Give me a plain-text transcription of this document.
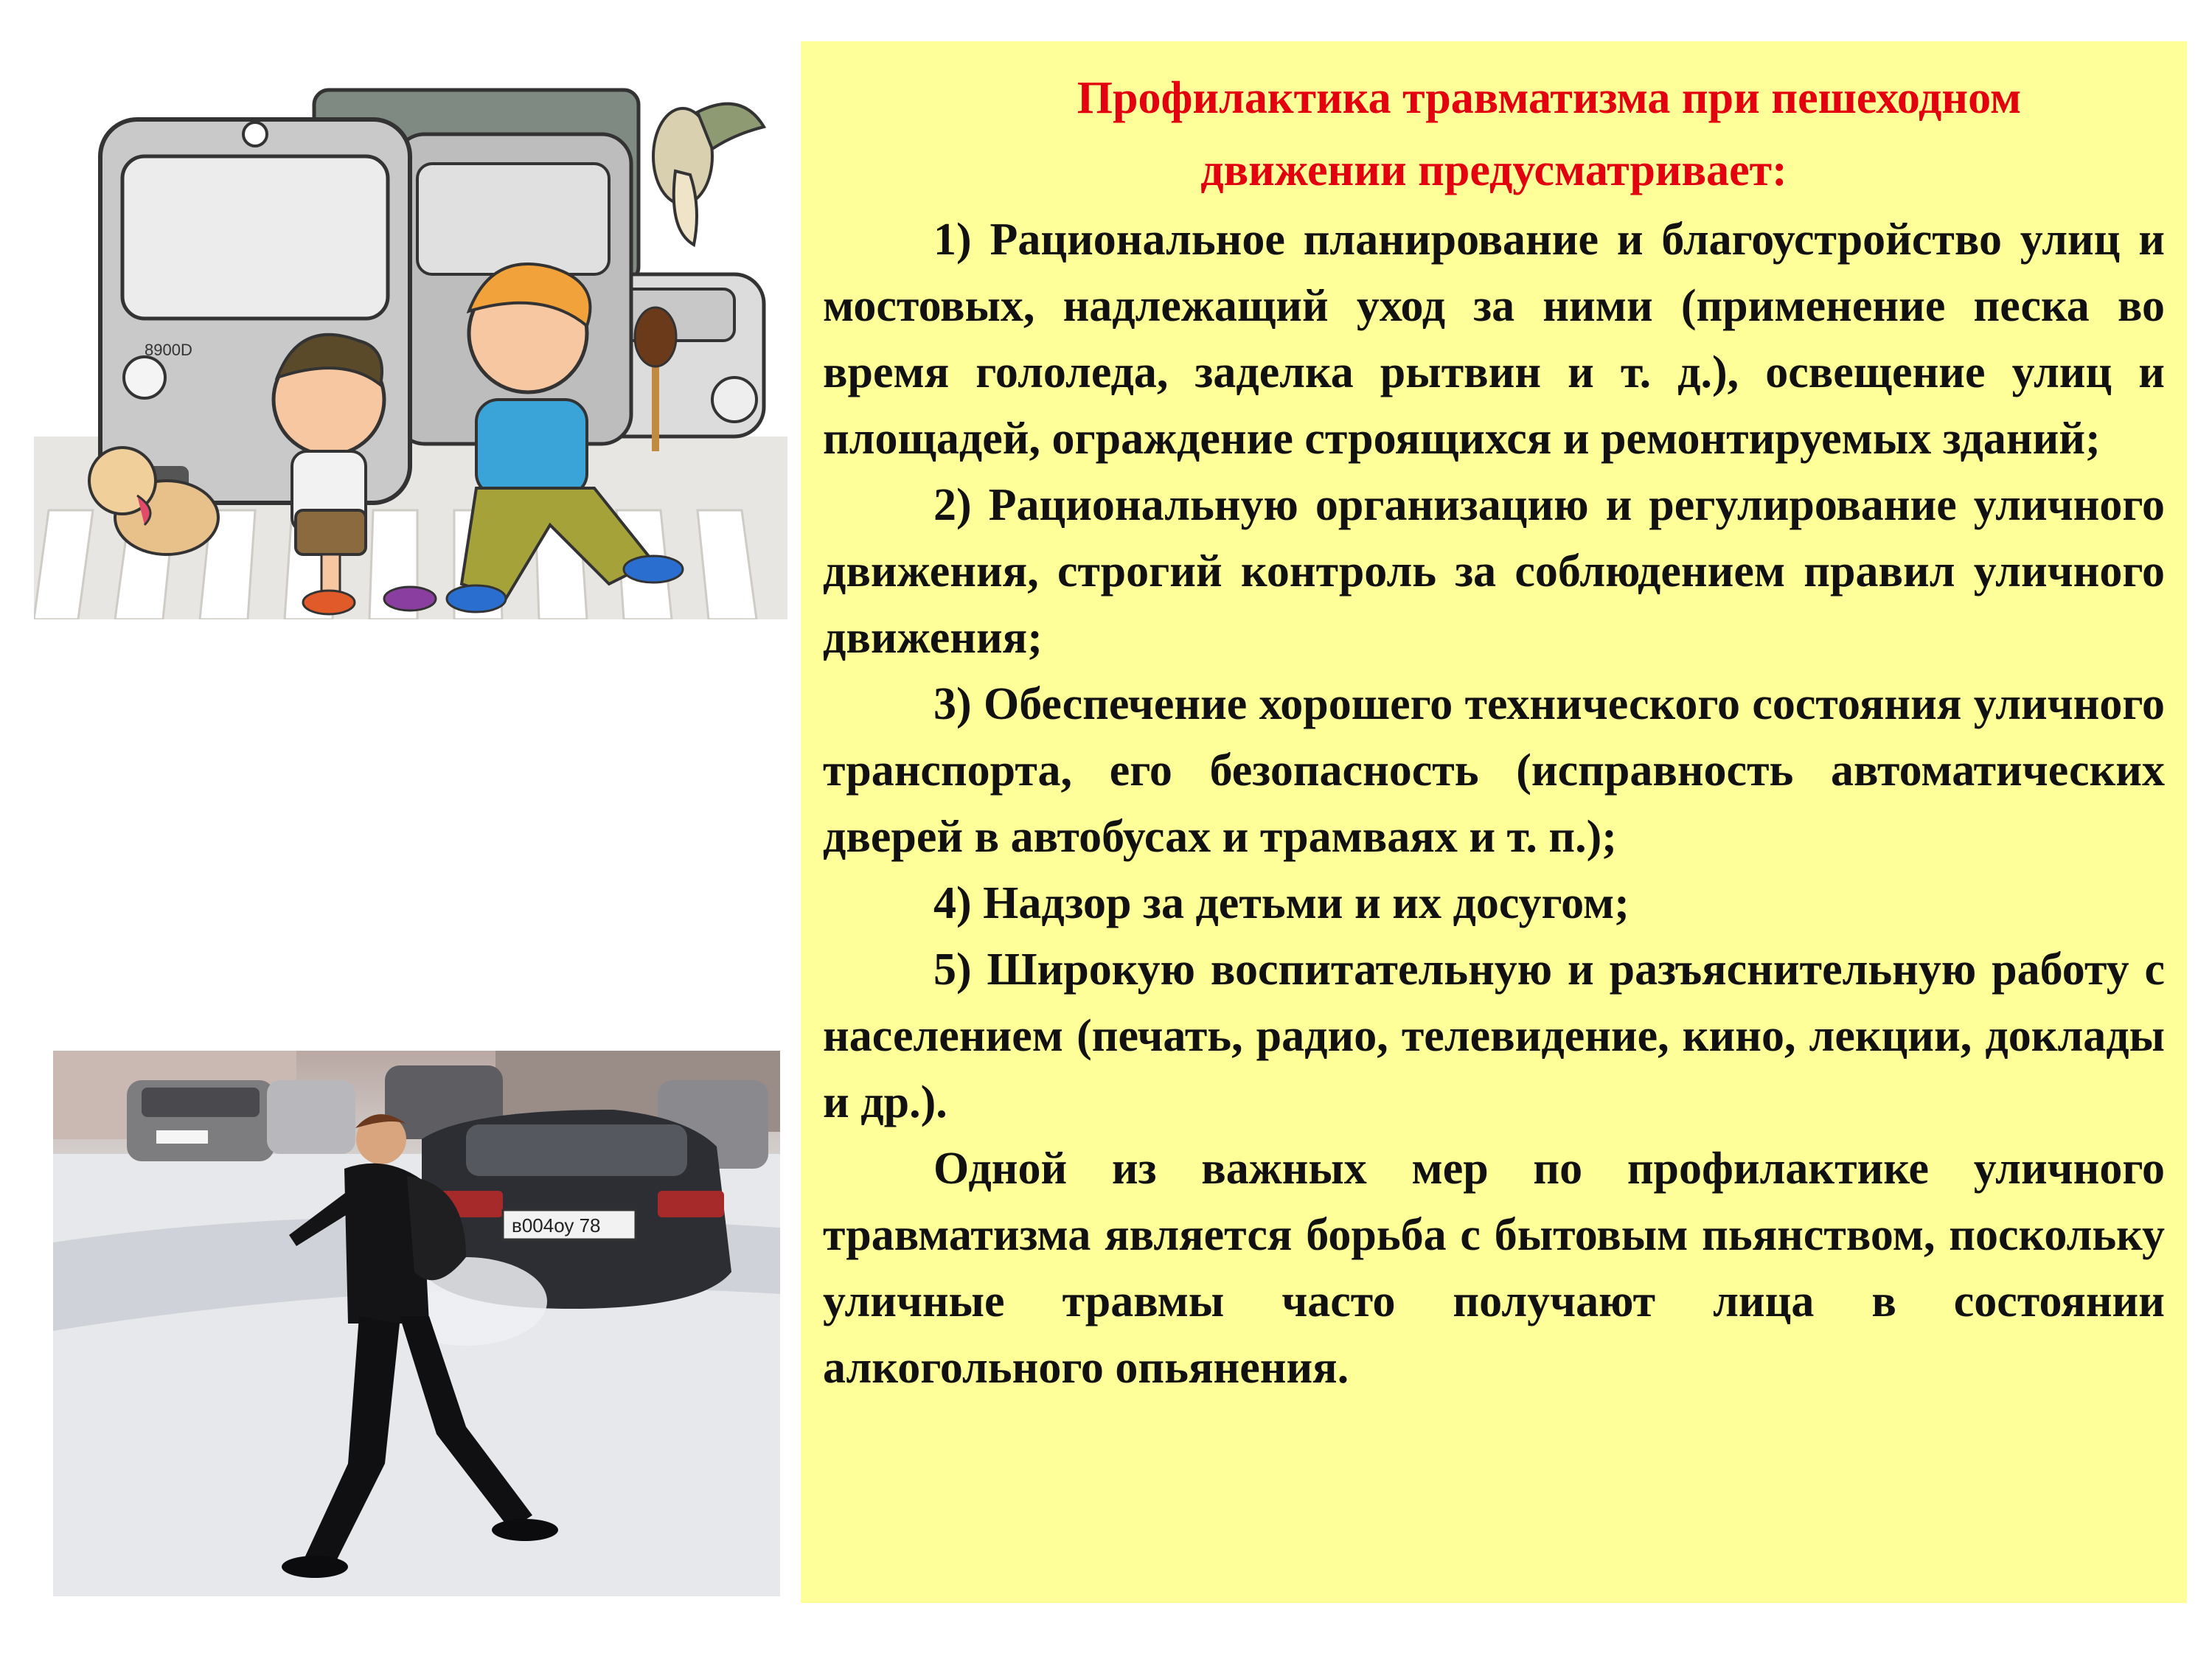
8900D
в004оу 78
Профилактика травматизма при пешеходном
движении предусматривает:

1) Рациональное планирование и благоустройство улиц и мостовых, надлежащий уход за ними (применение песка во время гололеда, заделка рытвин и т. д.), освещение улиц и площадей, ограждение строящихся и ремонтируемых зданий;

2) Рациональную организацию и регулирование уличного движения, строгий контроль за соблюдением правил уличного движения;

3) Обеспечение хорошего технического состояния уличного транспорта, его безопасность (исправность автоматических дверей в автобусах и трамваях и т. п.);

4) Надзор за детьми и их досугом;

5) Широкую воспитательную и разъяснительную работу с населением (печать, радио, телевидение, кино, лекции, доклады и др.).

Одной из важных мер по профилактике уличного травматизма является борьба с бытовым пьянством, поскольку уличные травмы часто получают лица в состоянии алкогольного опьянения.
